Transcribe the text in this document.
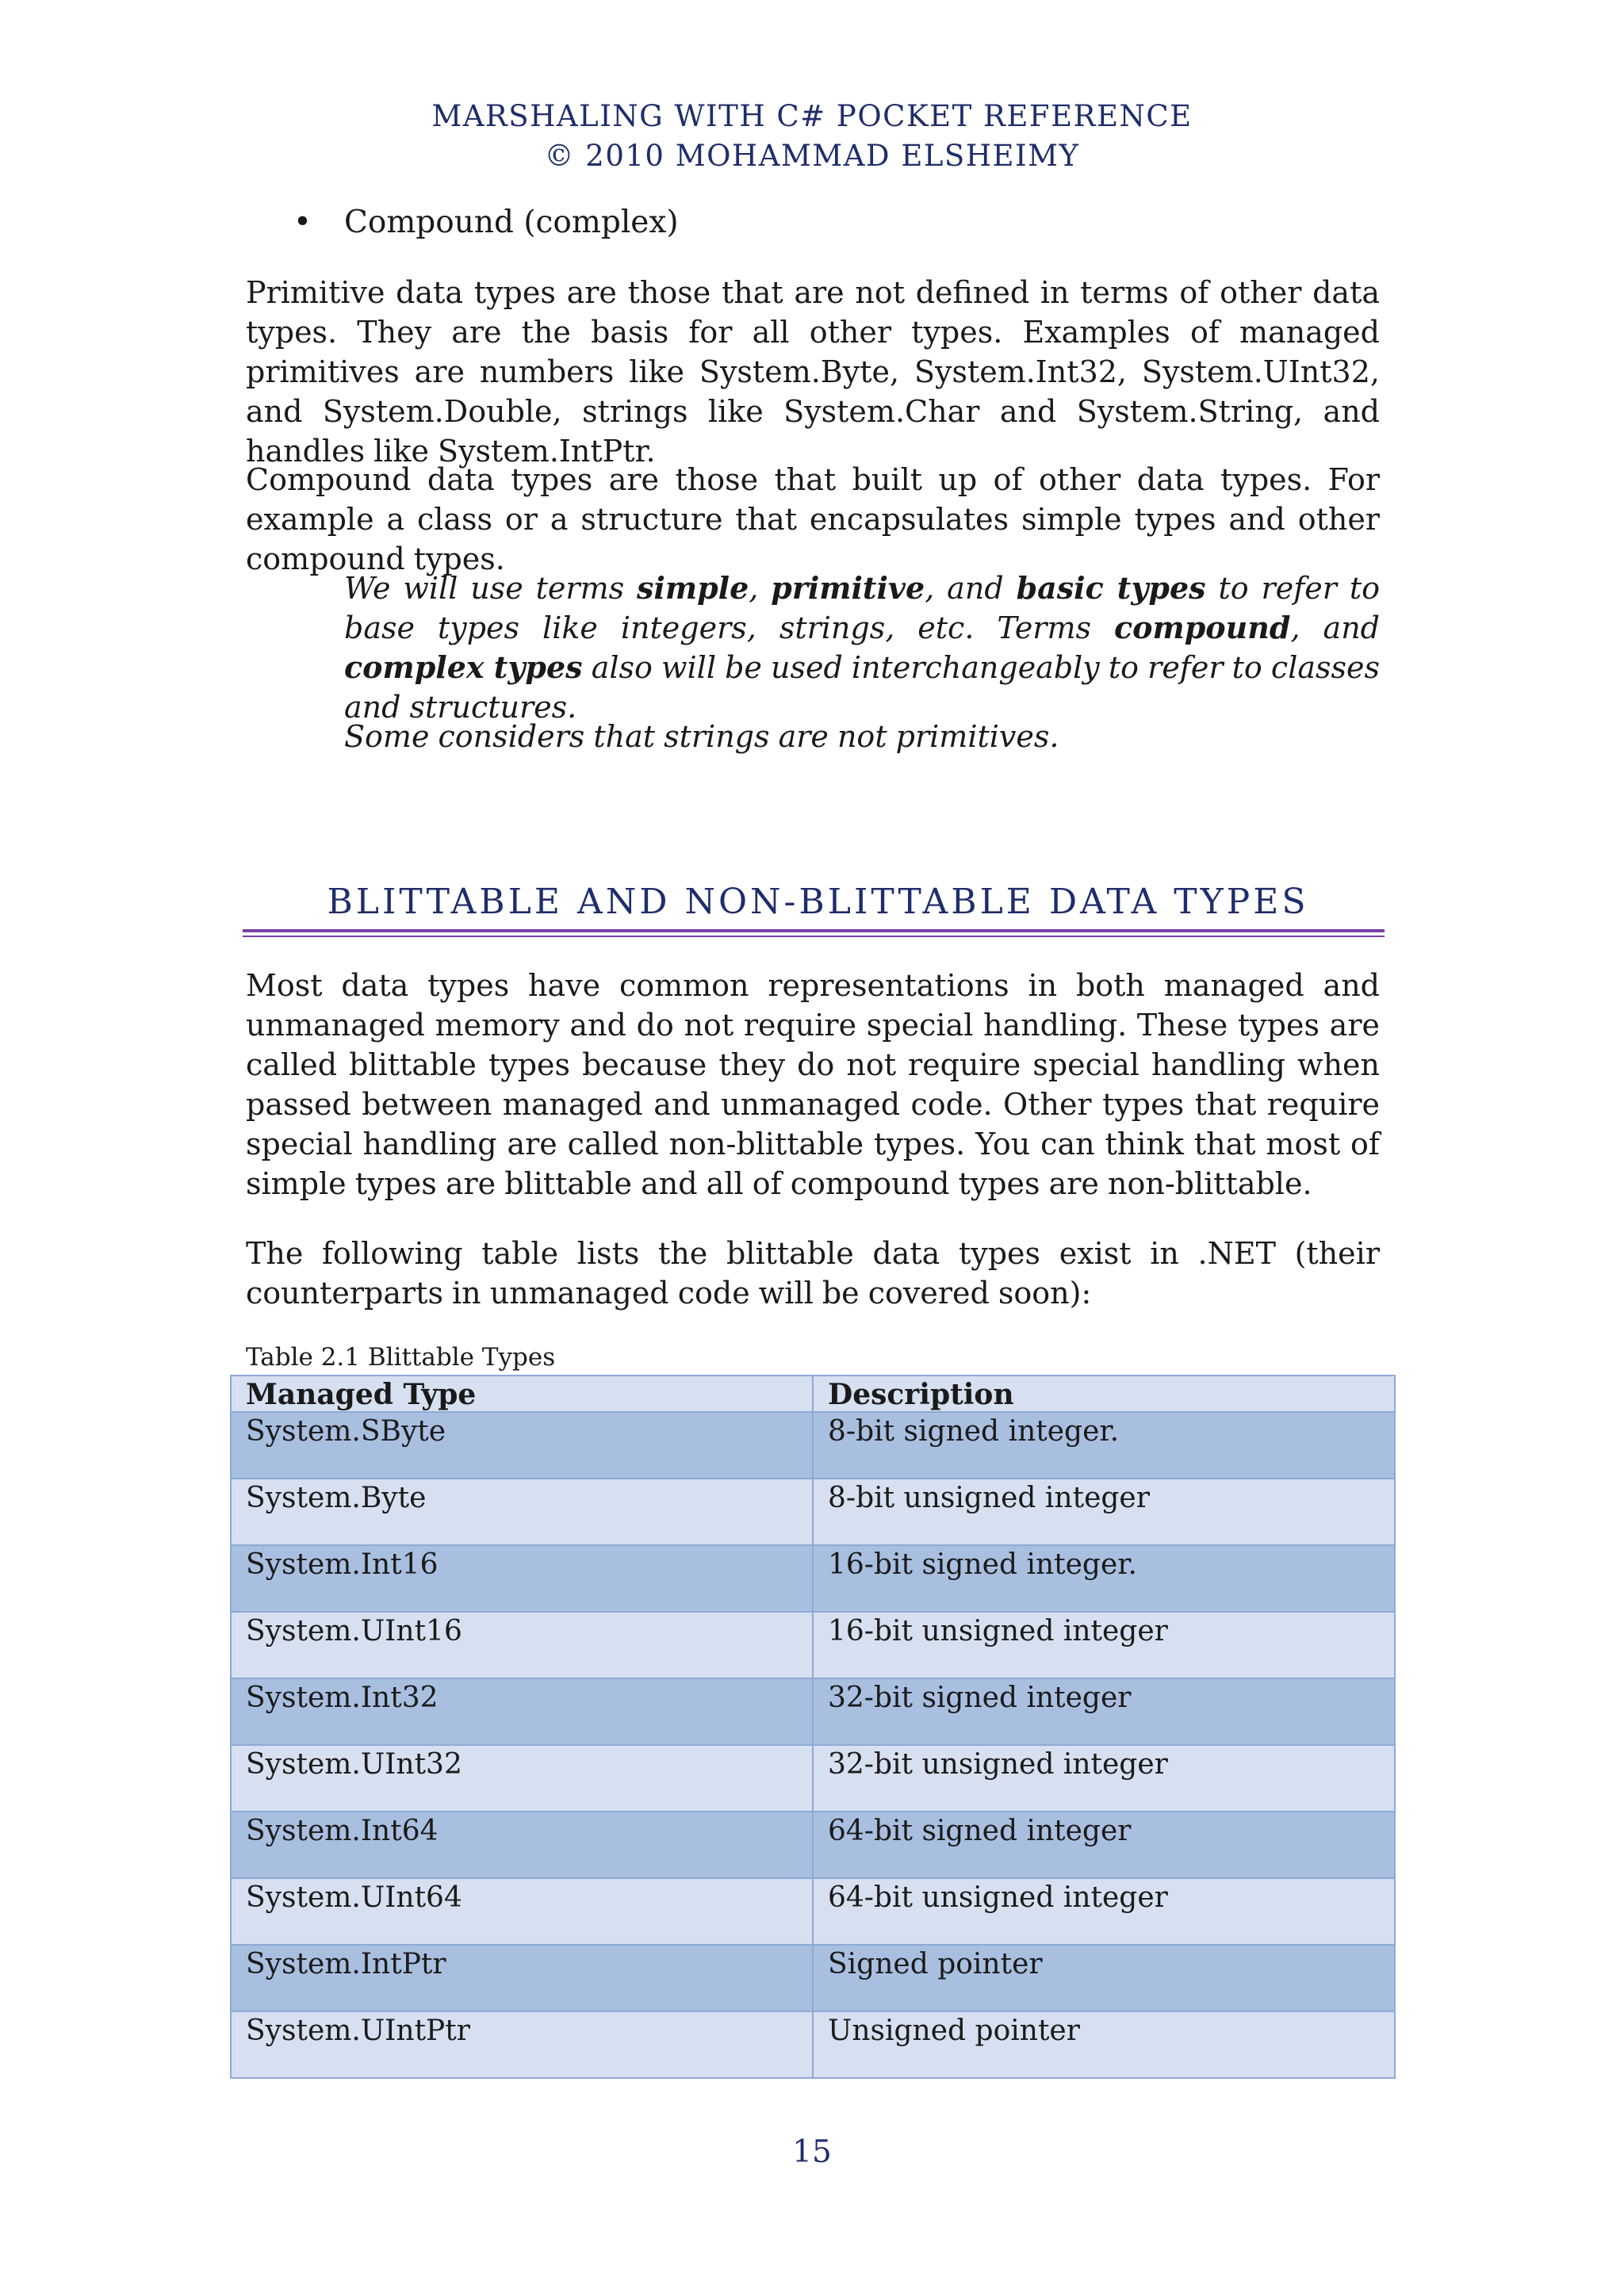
MARSHALING WITH C# POCKET REFERENCE
© 2010 MOHAMMAD ELSHEIMY
• Compound (complex)
Primitive data types are those that are not defined in terms of other data types. They are the basis for all other types. Examples of managed primitives are numbers like System.Byte, System.Int32, System.UInt32, and System.Double, strings like System.Char and System.String, and handles like System.IntPtr.
Compound data types are those that built up of other data types. For example a class or a structure that encapsulates simple types and other compound types.
We will use terms simple, primitive, and basic types to refer to base types like integers, strings, etc. Terms compound, and complex types also will be used interchangeably to refer to classes and structures.
Some considers that strings are not primitives.
BLITTABLE AND NON-BLITTABLE DATA TYPES
Most data types have common representations in both managed and unmanaged memory and do not require special handling. These types are called blittable types because they do not require special handling when passed between managed and unmanaged code. Other types that require special handling are called non-blittable types. You can think that most of simple types are blittable and all of compound types are non-blittable.
The following table lists the blittable data types exist in .NET (their counterparts in unmanaged code will be covered soon):
Table 2.1 Blittable Types
Managed Type	Description
System.SByte	8-bit signed integer.
System.Byte	8-bit unsigned integer
System.Int16	16-bit signed integer.
System.UInt16	16-bit unsigned integer
System.Int32	32-bit signed integer
System.UInt32	32-bit unsigned integer
System.Int64	64-bit signed integer
System.UInt64	64-bit unsigned integer
System.IntPtr	Signed pointer
System.UIntPtr	Unsigned pointer
15
